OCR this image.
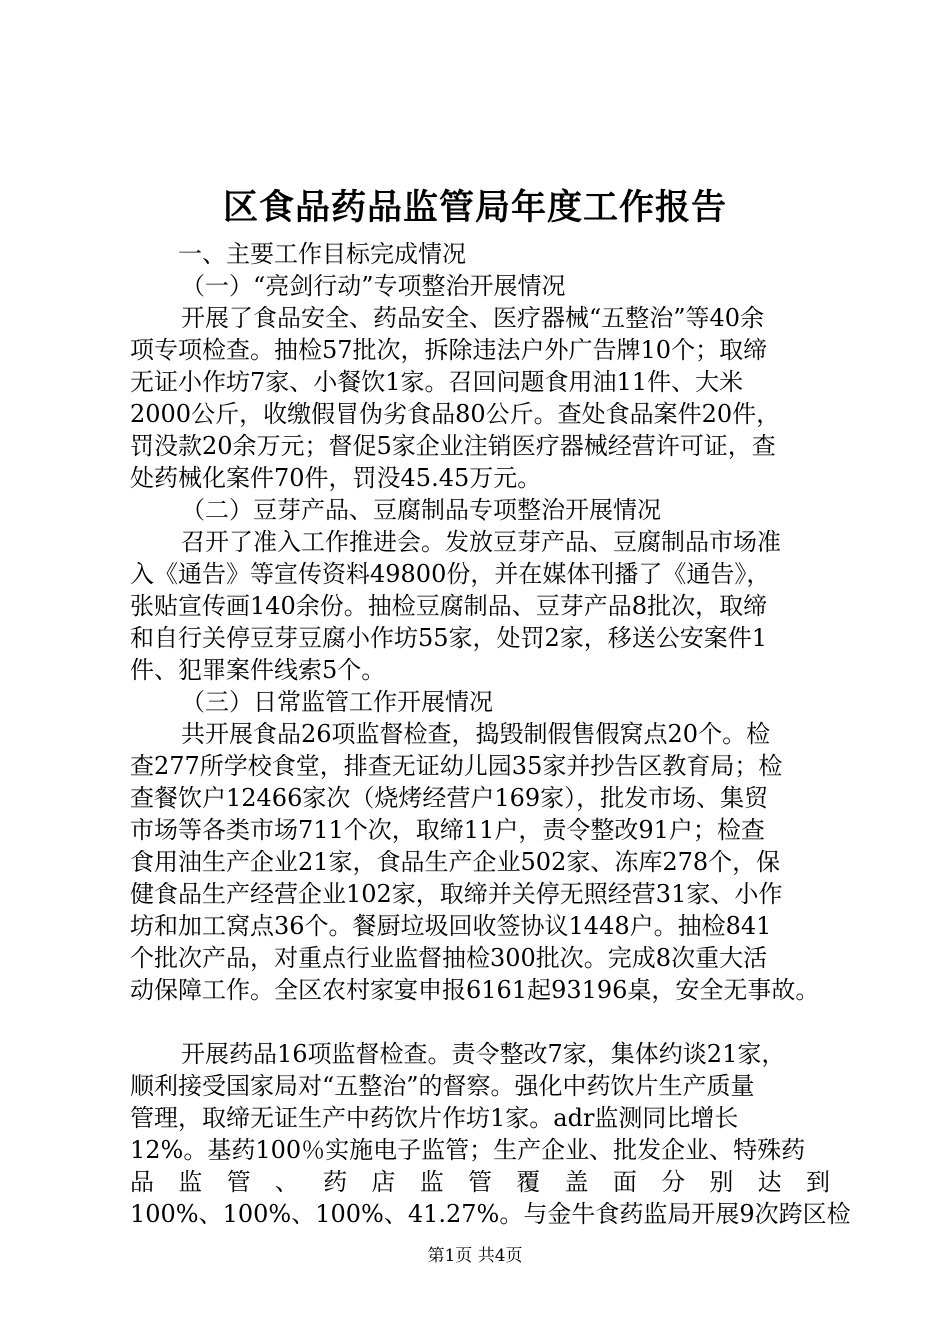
区食品药品监管局年度工作报告

一、主要工作目标完成情况

（一）“亮剑行动”专项整治开展情况

开展了食品安全、药品安全、医疗器械“五整治”等40余

项专项检查。抽检57批次，拆除违法户外广告牌10个；取缔

无证小作坊7家、小餐饮1家。召回问题食用油11件、大米

2000公斤，收缴假冒伪劣食品80公斤。查处食品案件20件，

罚没款20余万元；督促5家企业注销医疗器械经营许可证，查

处药械化案件70件，罚没45.45万元。

（二）豆芽产品、豆腐制品专项整治开展情况

召开了准入工作推进会。发放豆芽产品、豆腐制品市场准

入《通告》等宣传资料49800份，并在媒体刊播了《通告》，

张贴宣传画140余份。抽检豆腐制品、豆芽产品8批次，取缔

和自行关停豆芽豆腐小作坊55家，处罚2家，移送公安案件1

件、犯罪案件线索5个。

（三）日常监管工作开展情况

共开展食品26项监督检查，捣毁制假售假窝点20个。检

查277所学校食堂，排查无证幼儿园35家并抄告区教育局；检

查餐饮户12466家次（烧烤经营户169家），批发市场、集贸

市场等各类市场711个次，取缔11户，责令整改91户；检查

食用油生产企业21家，食品生产企业502家、冻库278个，保

健食品生产经营企业102家，取缔并关停无照经营31家、小作

坊和加工窝点36个。餐厨垃圾回收签协议1448户。抽检841

个批次产品，对重点行业监督抽检300批次。完成8次重大活

动保障工作。全区农村家宴申报6161起93196桌，安全无事故。

开展药品16项监督检查。责令整改7家，集体约谈21家，

顺利接受国家局对“五整治”的督察。强化中药饮片生产质量

管理，取缔无证生产中药饮片作坊1家。adr监测同比增长

12%。基药100％实施电子监管；生产企业、批发企业、特殊药

品 监 管 、 药 店 监 管 覆 盖 面 分 别 达 到

100%、100%、100%、41.27%。与金牛食药监局开展9次跨区检

第1页 共4页
